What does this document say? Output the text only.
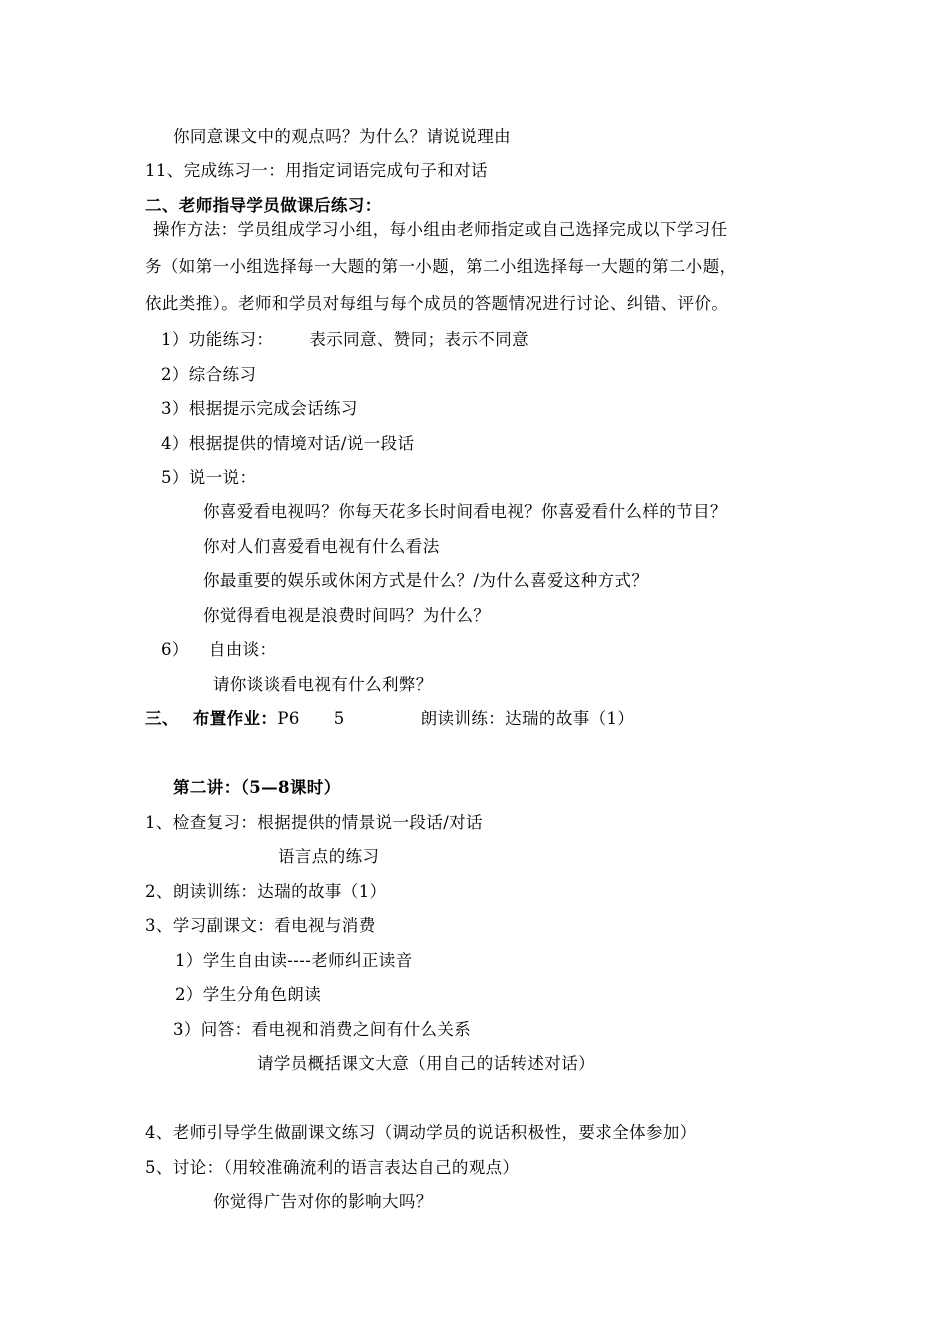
你同意课文中的观点吗？为什么？请说说理由
11、完成练习一：用指定词语完成句子和对话
二、老师指导学员做课后练习：
操作方法：学员组成学习小组，每小组由老师指定或自己选择完成以下学习任
务（如第一小组选择每一大题的第一小题，第二小组选择每一大题的第二小题，
依此类推）。老师和学员对每组与每个成员的答题情况进行讨论、纠错、评价。
1）功能练习： 表示同意、赞同；表示不同意
2）综合练习
3）根据提示完成会话练习
4）根据提供的情境对话/说一段话
5）说一说：
你喜爱看电视吗？你每天花多长时间看电视？你喜爱看什么样的节目？
你对人们喜爱看电视有什么看法
你最重要的娱乐或休闲方式是什么？/为什么喜爱这种方式？
你觉得看电视是浪费时间吗？为什么？
6） 自由谈：
请你谈谈看电视有什么利弊？
三、 布置作业：P6 5	朗读训练：达瑞的故事（1）
第二讲：（5—8课时）
1、检查复习：根据提供的情景说一段话/对话
语言点的练习
2、朗读训练：达瑞的故事（1）
3、学习副课文：看电视与消费
1）学生自由读----老师纠正读音
2）学生分角色朗读
3）问答：看电视和消费之间有什么关系
请学员概括课文大意（用自己的话转述对话）
4、老师引导学生做副课文练习（调动学员的说话积极性，要求全体参加）
5、讨论：（用较准确流利的语言表达自己的观点）
你觉得广告对你的影响大吗？
